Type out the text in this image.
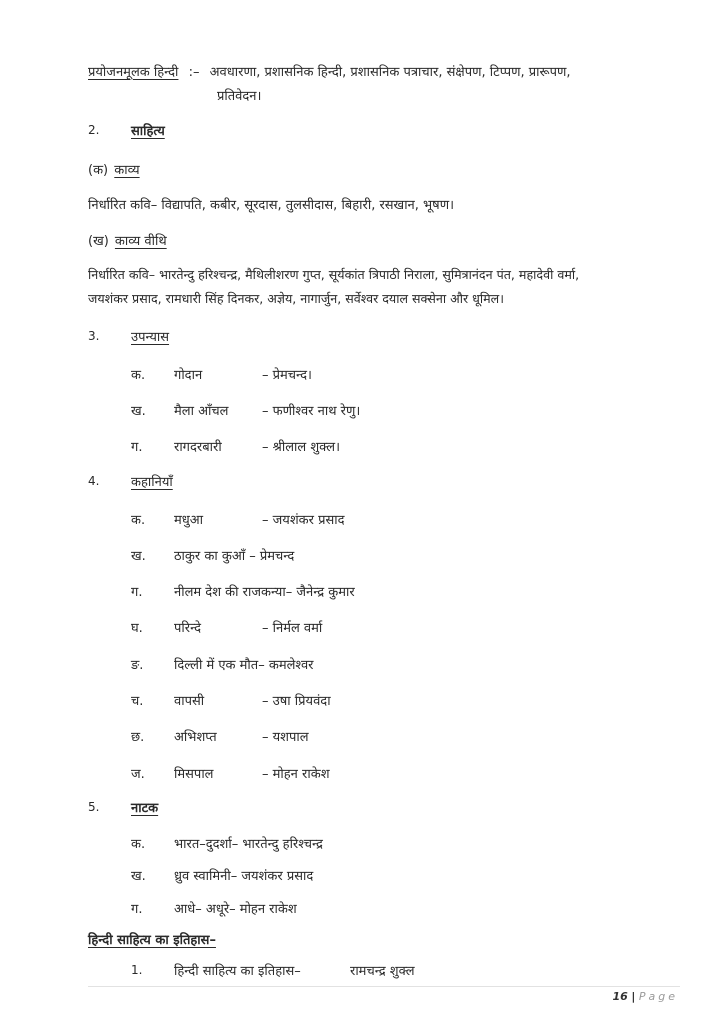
प्रयोजनमूलक हिन्दी :– अवधारणा, प्रशासनिक हिन्दी, प्रशासनिक पत्राचार, संक्षेपण, टिप्पण, प्रारूपण,
प्रतिवेदन।
2. साहित्य
(क) काव्य
निर्धारित कवि– विद्यापति, कबीर, सूरदास, तुलसीदास, बिहारी, रसखान, भूषण।
(ख) काव्य वीथि
निर्धारित कवि– भारतेन्दु हरिश्चन्द्र, मैथिलीशरण गुप्त, सूर्यकांत त्रिपाठी निराला, सुमित्रानंदन पंत, महादेवी वर्मा,
जयशंकर प्रसाद, रामधारी सिंह दिनकर, अज्ञेय, नागार्जुन, सर्वेश्वर दयाल सक्सेना और धूमिल।
3. उपन्यास
क. गोदान	– प्रेमचन्द।
ख. मैला आँचल	– फणीश्वर नाथ रेणु।
ग. रागदरबारी	– श्रीलाल शुक्ल।
4. कहानियाँ
क. मधुआ	– जयशंकर प्रसाद
ख. ठाकुर का कुआँ – प्रेमचन्द
ग. नीलम देश की राजकन्या– जैनेन्द्र कुमार
घ. परिन्दे	– निर्मल वर्मा
ङ. दिल्ली में एक मौत– कमलेश्वर
च. वापसी	– उषा प्रियवंदा
छ. अभिशप्त	– यशपाल
ज. मिसपाल	– मोहन राकेश
5. नाटक
क. भारत–दुदर्शा– भारतेन्दु हरिश्चन्द्र
ख. ध्रुव स्वामिनी– जयशंकर प्रसाद
ग. आधे– अधूरे– मोहन राकेश
हिन्दी साहित्य का इतिहास–
1. हिन्दी साहित्य का इतिहास–	रामचन्द्र शुक्ल
16 | Page
